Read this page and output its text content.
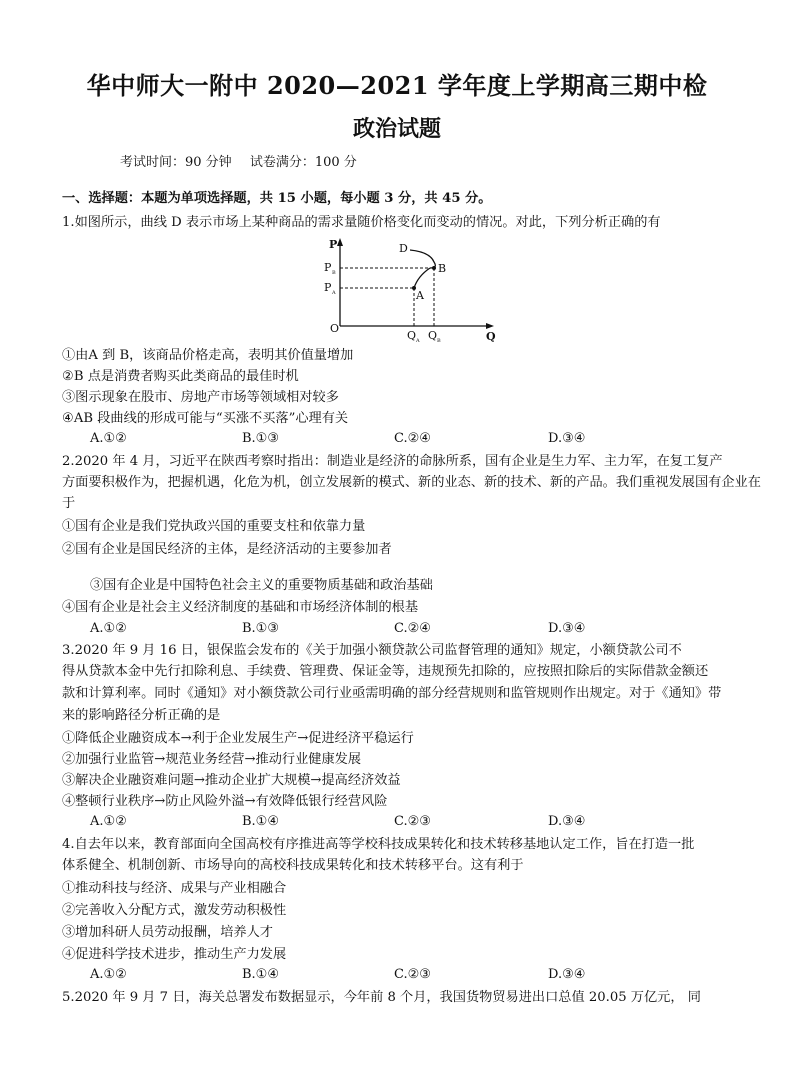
华中师大一附中 2020—2021 学年度上学期高三期中检
政治试题
考试时间：90 分钟 试卷满分：100 分
一、选择题：本题为单项选择题，共 15 小题，每小题 3 分，共 45 分。
1.如图所示，曲线 D 表示市场上某种商品的需求量随价格变化而变动的情况。对此，下列分析正确的有
P
O
Q
D
A
B
P B
P A
Q A Q B
①由A 到 B，该商品价格走高，表明其价值量增加
②B 点是消费者购买此类商品的最佳时机
③图示现象在股市、房地产市场等领域相对较多
④AB 段曲线的形成可能与“买涨不买落”心理有关
A.①②	B.①③	C.②④	D.③④
2.2020 年 4 月，习近平在陕西考察时指出：制造业是经济的命脉所系，国有企业是生力军、主力军，在复工复产
方面要积极作为，把握机遇，化危为机，创立发展新的模式、新的业态、新的技术、新的产品。我们重视发展国有企业在
于
①国有企业是我们党执政兴国的重要支柱和依靠力量
②国有企业是国民经济的主体，是经济活动的主要参加者
③国有企业是中国特色社会主义的重要物质基础和政治基础
④国有企业是社会主义经济制度的基础和市场经济体制的根基
A.①②	B.①③	C.②④	D.③④
3.2020 年 9 月 16 日，银保监会发布的《关于加强小额贷款公司监督管理的通知》规定，小额贷款公司不
得从贷款本金中先行扣除利息、手续费、管理费、保证金等，违规预先扣除的，应按照扣除后的实际借款金额还
款和计算利率。同时《通知》对小额贷款公司行业亟需明确的部分经营规则和监管规则作出规定。对于《通知》带
来的影响路径分析正确的是
①降低企业融资成本→利于企业发展生产→促进经济平稳运行
②加强行业监管→规范业务经营→推动行业健康发展
③解决企业融资难问题→推动企业扩大规模→提高经济效益
④整顿行业秩序→防止风险外溢→有效降低银行经营风险
A.①②	B.①④	C.②③	D.③④
4.自去年以来，教育部面向全国高校有序推进高等学校科技成果转化和技术转移基地认定工作，旨在打造一批
体系健全、机制创新、市场导向的高校科技成果转化和技术转移平台。这有利于
①推动科技与经济、成果与产业相融合
②完善收入分配方式，激发劳动积极性
③增加科研人员劳动报酬，培养人才
④促进科学技术进步，推动生产力发展
A.①②	B.①④	C.②③	D.③④
5.2020 年 9 月 7 日，海关总署发布数据显示，今年前 8 个月，我国货物贸易进出口总值 20.05 万亿元， 同
